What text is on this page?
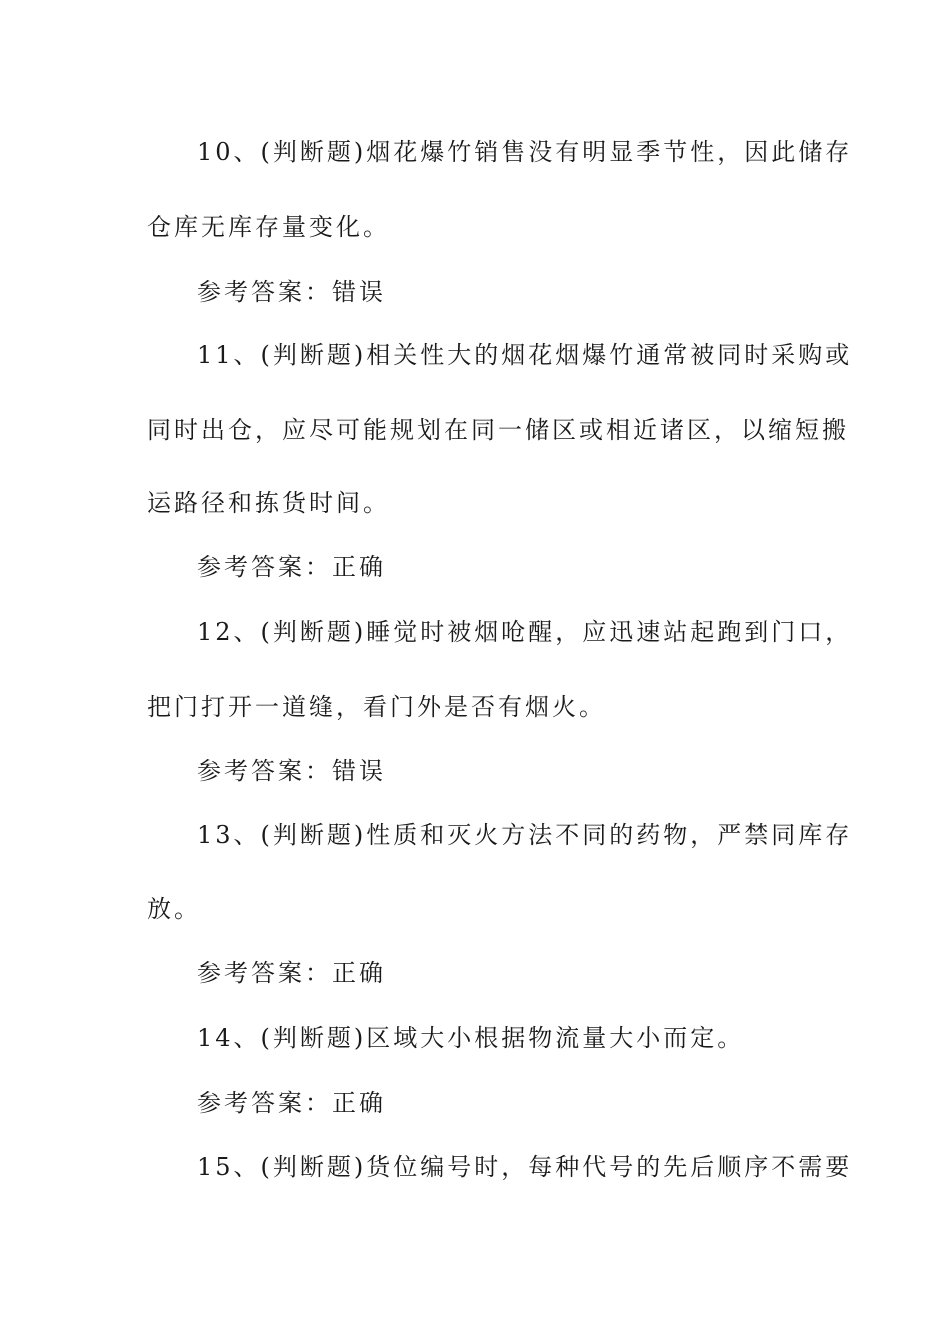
10、(判断题)烟花爆竹销售没有明显季节性，因此储存
仓库无库存量变化。
参考答案：错误
11、(判断题)相关性大的烟花烟爆竹通常被同时采购或
同时出仓，应尽可能规划在同一储区或相近诸区，以缩短搬
运路径和拣货时间。
参考答案：正确
12、(判断题)睡觉时被烟呛醒，应迅速站起跑到门口，
把门打开一道缝，看门外是否有烟火。
参考答案：错误
13、(判断题)性质和灭火方法不同的药物，严禁同库存
放。
参考答案：正确
14、(判断题)区域大小根据物流量大小而定。
参考答案：正确
15、(判断题)货位编号时，每种代号的先后顺序不需要
